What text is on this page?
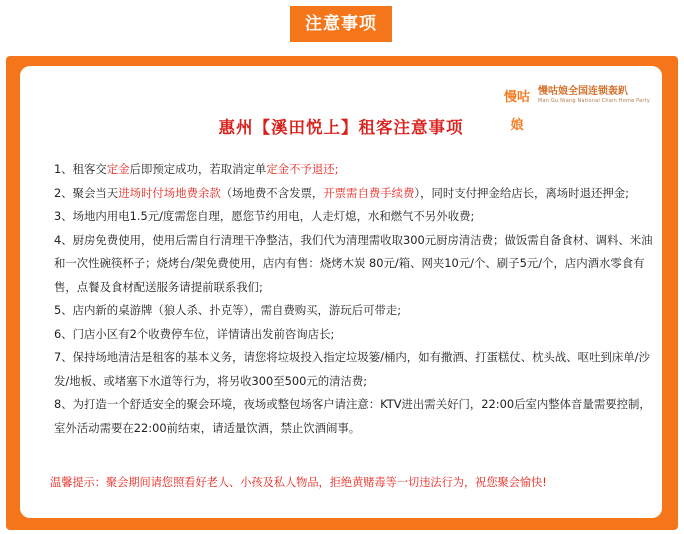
注意事项
慢咕娘
慢咕娘全国连锁轰趴
Man Gu Niang National Chain Home Party
惠州【溪田悦上】租客注意事项

1、租客交定金后即预定成功，若取消定单定金不予退还;

2、聚会当天进场时付场地费余款（场地费不含发票，开票需自费手续费），同时支付押金给店长，离场时退还押金;

3、场地内用电1.5元/度需您自理，愿您节约用电，人走灯熄，水和燃气不另外收费;

4、厨房免费使用，使用后需自行清理干净整洁，我们代为清理需收取300元厨房清洁费；做饭需自备食材、调料、米油和一次性碗筷杯子；烧烤台/架免费使用，店内有售：烧烤木炭 80元/箱、网夹10元/个、刷子5元/个，店内酒水零食有售，点餐及食材配送服务请提前联系我们;

5、店内新的桌游牌（狼人杀、扑克等），需自费购买，游玩后可带走;

6、门店小区有2个收费停车位，详情请出发前咨询店长;

7、保持场地清洁是租客的基本义务，请您将垃圾投入指定垃圾篓/桶内，如有撒酒、打蛋糕仗、枕头战、呕吐到床单/沙发/地板、或堵塞下水道等行为，将另收300至500元的清洁费;

8、为打造一个舒适安全的聚会环境，夜场或整包场客户请注意：KTV进出需关好门，22:00后室内整体音量需要控制，室外活动需要在22:00前结束，请适量饮酒，禁止饮酒闹事。

温馨提示：聚会期间请您照看好老人、小孩及私人物品，拒绝黄赌毒等一切违法行为，祝您聚会愉快!
